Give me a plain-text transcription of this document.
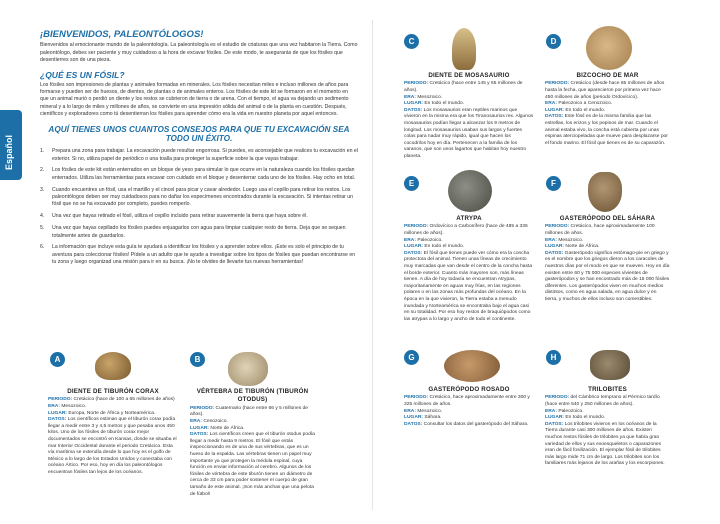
Español
¡BIENVENIDOS, PALEONTÓLOGOS!

Bienvenidos al emocionante mundo de la paleontología. La paleontología es el estudio de criaturas que una vez habitaron la Tierra. Como paleontólogo, debes ser paciente y muy cuidadoso a la hora de excavar fósiles. De este modo, te asegurarás de que los fósiles que desentierres son de una pieza.

¿QUÉ ES UN FÓSIL?

Los fósiles son impresiones de plantas y animales formadas en minerales. Los fósiles necesitan miles e incluso millones de años para formarse y pueden ser de huesos, de dientes, de plantas o de animales enteros. Los fósiles de este kit se formaron en el momento en que un animal murió o perdió un diente y los restos se cubrieron de tierra o de arena. Con el tiempo, el agua va dejando un sedimento mineral y a lo largo de miles y millones de años, se convierte en una impresión sólida del animal o de la planta en cuestión. Después, científicos y exploradores como tú desentierran los fósiles para aprender cómo era la vida en nuestro planeta por aquel entonces.

AQUÍ TIENES UNOS CUANTOS CONSEJOS PARA QUE TU EXCAVACIÓN SEA TODO UN ÉXITO.
1. Prepara una zona para trabajar. La excavación puede resultar engorrosa. Si puedes, es aconsejable que realices tu excavación en el exterior. Si no, utiliza papel de periódico o una toalla para proteger la superficie sobre la que vayas trabajar.
2. Los fósiles de este kit están enterrados en un bloque de yeso para simular lo que ocurre en la naturaleza cuando los fósiles quedan enterrados. Utiliza las herramientas para excavar con cuidado en el bloque y desenterrar cada uno de los fósiles. Hay ocho en total.
3. Cuando encuentres un fósil, usa el martillo y el cincel para picar y cavar alrededor. Luego usa el cepillo para retirar los restos. Los paleontólogos deben ser muy cuidadosos para no dañar los especímenes encontrados durante la excavación. Si intentas retirar un fósil que no se ha excavado por completo, puedes romperlo.
4. Una vez que hayas retirado el fósil, utiliza el cepillo incluido para retirar suavemente la tierra que haya sobre él.
5. Una vez que hayas cepillado los fósiles puedes enjuagarlos con agua para limpiar cualquier resto de tierra. Deja que se sequen totalmente antes de guardarlos.
6. La información que incluye esta guía te ayudará a identificar los fósiles y a aprender sobre ellos. ¡Este es solo el principio de tu aventura para coleccionar fósiles! Pídele a un adulto que te ayude a investigar sobre los tipos de fósiles que puedan encontrarse en tu zona y luego organizad una misión para ir en su busca. ¡No te olvides de llevarte tus nuevas herramientas!
A
DIENTE DE TIBURÓN CORAX

PERIODO: Cretácico (hace de 100 a 65 millones de años)

ERA: Mesozoico.

LUGAR: Europa, Norte de África y Norteamérica.

DATOS: Los científicos estiman que el tiburón corax podía llegar a medir entre 3 y 4,5 metros y que pesaba unos 450 kilos. Uno de los fósiles de tiburón corax mejor documentados se encontró en Kansas, donde se situaba el mar Interior Occidental durante el periodo Cretácico. Esta vía marítima se extendía desde lo que hoy es el golfo de México a lo largo de los Estados Unidos y conectaba con océano Ártico. Por eso, hoy en día los paleontólogos encuentran fósiles tan lejos de los océanos.

B
VÉRTEBRA DE TIBURÓN (TIBURÓN OTODUS)

PERIODO: Cuaternario (hace entre 66 y 5 millones de años).

ERA: Cenozoico.

LUGAR: Norte de África.

DATOS: Los científicos creen que el tiburón otodus podía llegar a medir hasta 9 metros. El fósil que estás inspeccionando es de una de sus vértebras, que es un hueso de la espalda. Las vértebras tienen un papel muy importante ya que protegen la médula espinal, cuya función es enviar información al cerebro. Algunos de los fósiles de vértebra de este tiburón tienen un diámetro de cerca de 33 cm para poder sostener el cuerpo de gran tamaño de este animal. ¡Son más anchas que una pelota de fútbol!

C
DIENTE DE MOSASAURIO

PERIODO: Cretácico (hace entre 145 y 65 millones de años).

ERA: Mesozoico.

LUGAR: En todo el mundo.

DATOS: Los mosasaurios eran reptiles marinos que vivieron en la misma era que los Tiranosaurios rex. Algunos mosasaurios podían llegar a alcanzar los 9 metros de longitud. Los mosasaurios usaban sus largos y fuertes colas para nadar muy rápido, igual que hacen los cocodrilos hoy en día. Pertenecen a la familia de los varanos, que son unos lagartos que habitan hoy nuestro planeta.

D
BIZCOCHO DE MAR

PERIODO: Cretácico (desde hace 65 millones de años hasta la fecha, que aparecieron por primera vez hace 450 millones de años (periodo Ordovícico).

ERA: Paleozoico a Cenozoico.

LUGAR: En todo el mundo.

DATOS: Este fósil es de la misma familia que las estrellas, los erizos y los pepinos de mar. Cuando el animal estaba vivo, la concha está cubierta por unas espinas aterciopeladas que mueve para desplazarse por el fondo marino. El fósil que tienes es de su caparazón.

E
ATRYPA

PERIODO: Ordovícico a Carbonífero (hace de 485 a 336 millones de años).

ERA: Paleozoico.

LUGAR: En todo el mundo.

DATOS: El fósil que tienes puede ver cómo era la concha protectora del animal. Tienen unas líneas de crecimiento muy marcadas que van desde el centro de la concha hasta el borde exterior. Cuanto más mayores son, más líneas tienen. A día de hoy todavía se encuentran Atrypas, mayoritariamente en aguas muy frías, en las regiones polares o en las zonas más profundas del océano. En la época en la que vivieron, la Tierra estaba a menudo inundada y Norteamérica se encontraba bajo el agua casi en su totalidad. Por eso hoy restos de braquiópodos como las atrypas a lo largo y ancho de todo el continente.

F
GASTERÓPODO DEL SÁHARA

PERIODO: Cretácico, hace aproximadamente 100 millones de años.

ERA: Mesozoico.

LUGAR: Norte de África.

DATOS: Gasterópodo significa estómago-pie en griego y es el nombre que los griegos dieron a los caracoles de nuestros días por el modo en que se mueven. Hoy en día existen entre 60 y 75 000 especies vivientes de gasterópodos y se han encontrado más de 15 000 fósiles diferentes. Los gasterópodos viven en muchos medios distintos, como en agua salada, en agua dulce y en tierra, y muchos de ellos incluso son comestibles.

G
GASTERÓPODO ROSADO

PERIODO: Cretácico, hace aproximadamente entre 300 y 325 millones de años.

ERA: Mesozoico.

LUGAR: Sáhara.

DATOS: Consultar los datos del gasterópodo del Sáhara.

H
TRILOBITES

PERIODO: del Cámbrico temprano al Pérmico tardío (hace entre 540 y 250 millones de años).

ERA: Paleozoico.

LUGAR: En todo el mundo.

DATOS: Los trilobites vivieron en los océanos de la Tierra durante casi 300 millones de años. Existen muchos restos fósiles de trilobites ya que había gran variedad de ellos y sus exoesqueletos o caparazones eran de fácil fosilización. El ejemplar fósil de trilobites más largo mide 71 cm de largo. Los trilobites son los familiares más lejanos de los arañas y los escorpiones.
